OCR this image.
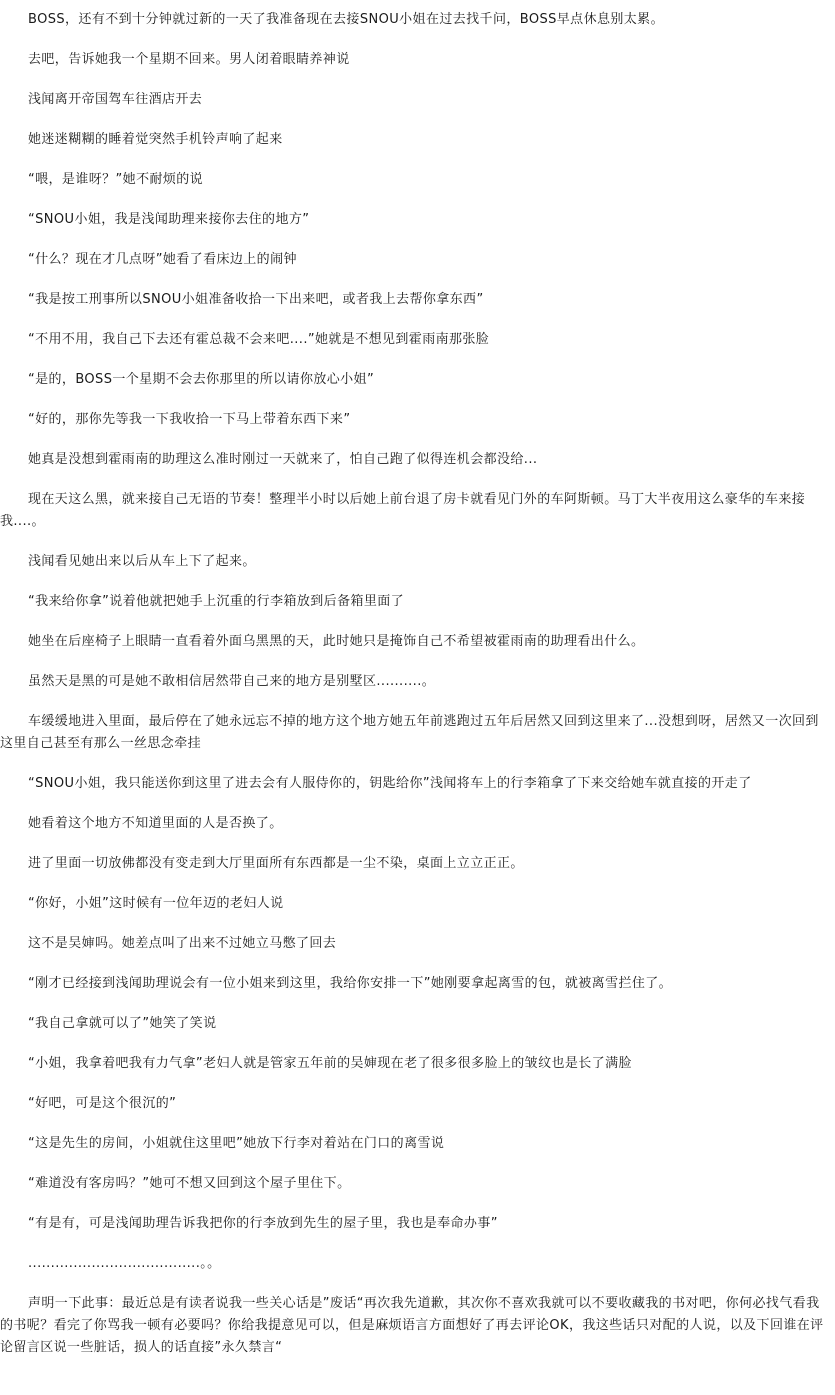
BOSS，还有不到十分钟就过新的一天了我准备现在去接SNOU小姐在过去找千问，BOSS早点休息别太累。

去吧，告诉她我一个星期不回来。男人闭着眼睛养神说

浅闻离开帝国驾车往酒店开去

她迷迷糊糊的睡着觉突然手机铃声响了起来

“喂，是谁呀？”她不耐烦的说

“SNOU小姐，我是浅闻助理来接你去住的地方”

“什么？现在才几点呀”她看了看床边上的闹钟

“我是按工刑事所以SNOU小姐准备收拾一下出来吧，或者我上去帮你拿东西”

“不用不用，我自己下去还有霍总裁不会来吧....”她就是不想见到霍雨南那张脸

“是的，BOSS一个星期不会去你那里的所以请你放心小姐”

“好的，那你先等我一下我收拾一下马上带着东西下来”

她真是没想到霍雨南的助理这么准时刚过一天就来了，怕自己跑了似得连机会都没给...

现在天这么黑，就来接自己无语的节奏！整理半小时以后她上前台退了房卡就看见门外的车阿斯顿。马丁大半夜用这么豪华的车来接我....。

浅闻看见她出来以后从车上下了起来。

“我来给你拿”说着他就把她手上沉重的行李箱放到后备箱里面了

她坐在后座椅子上眼睛一直看着外面乌黑黑的天，此时她只是掩饰自己不希望被霍雨南的助理看出什么。

虽然天是黑的可是她不敢相信居然带自己来的地方是别墅区..........。

车缓缓地进入里面，最后停在了她永远忘不掉的地方这个地方她五年前逃跑过五年后居然又回到这里来了...没想到呀，居然又一次回到这里自己甚至有那么一丝思念牵挂

“SNOU小姐，我只能送你到这里了进去会有人服侍你的，钥匙给你”浅闻将车上的行李箱拿了下来交给她车就直接的开走了

她看着这个地方不知道里面的人是否换了。

进了里面一切放佛都没有变走到大厅里面所有东西都是一尘不染，桌面上立立正正。

“你好，小姐”这时候有一位年迈的老妇人说

这不是吴婶吗。她差点叫了出来不过她立马憋了回去

“刚才已经接到浅闻助理说会有一位小姐来到这里，我给你安排一下”她刚要拿起离雪的包，就被离雪拦住了。

“我自己拿就可以了”她笑了笑说

“小姐，我拿着吧我有力气拿”老妇人就是管家五年前的吴婶现在老了很多很多脸上的皱纹也是长了满脸

“好吧，可是这个很沉的”

“这是先生的房间，小姐就住这里吧”她放下行李对着站在门口的离雪说

“难道没有客房吗？”她可不想又回到这个屋子里住下。

“有是有，可是浅闻助理告诉我把你的行李放到先生的屋子里，我也是奉命办事”

......................................。。

声明一下此事：最近总是有读者说我一些关心话是”废话“再次我先道歉，其次你不喜欢我就可以不要收藏我的书对吧，你何必找气看我的书呢？看完了你骂我一顿有必要吗？你给我提意见可以，但是麻烦语言方面想好了再去评论OK，我这些话只对配的人说，以及下回谁在评论留言区说一些脏话，损人的话直接”永久禁言“
